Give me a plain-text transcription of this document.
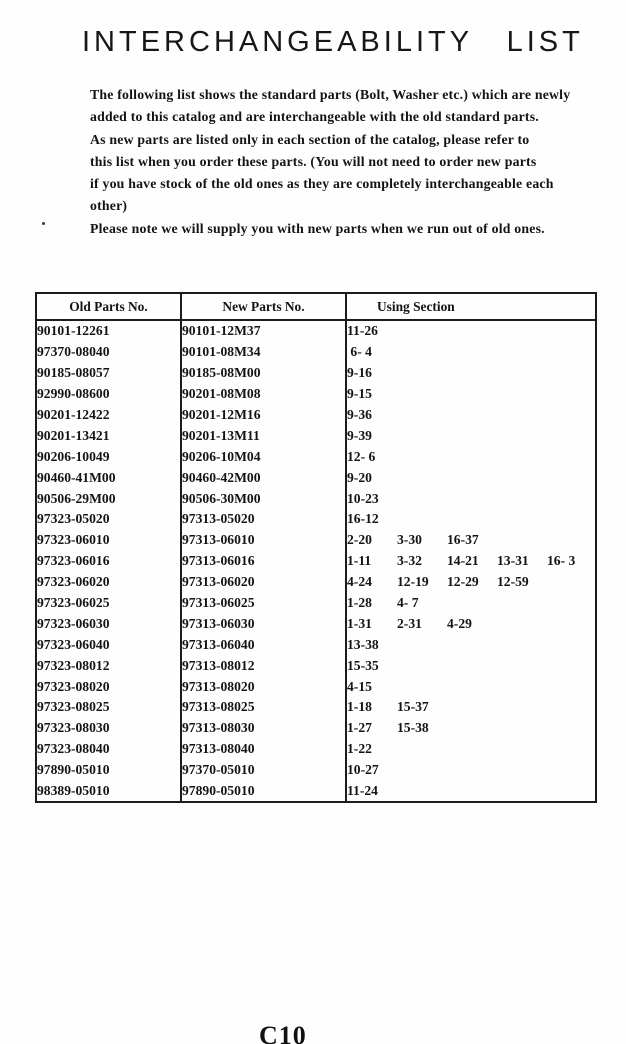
INTERCHANGEABILITY LIST
The following list shows the standard parts (Bolt, Washer etc.) which are newly
added to this catalog and are interchangeable with the old standard parts.
As new parts are listed only in each section of the catalog, please refer to
this list when you order these parts. (You will not need to order new parts
if you have stock of the old ones as they are completely interchangeable each
other)
Please note we will supply you with new parts when we run out of old ones.
Old Parts No.	New Parts No.	Using Section
90101-12261	90101-12M37	11-26
97370-08040	90101-08M34	6- 4
90185-08057	90185-08M00	9-16
92990-08600	90201-08M08	9-15
90201-12422	90201-12M16	9-36
90201-13421	90201-13M11	9-39
90206-10049	90206-10M04	12- 6
90460-41M00	90460-42M00	9-20
90506-29M00	90506-30M00	10-23
97323-05020	97313-05020	16-12
97323-06010	97313-06010	2-20 3-30 16-37
97323-06016	97313-06016	1-11 3-32 14-21 13-31 16- 3
97323-06020	97313-06020	4-24 12-19 12-29 12-59
97323-06025	97313-06025	1-28 4- 7
97323-06030	97313-06030	1-31 2-31 4-29
97323-06040	97313-06040	13-38
97323-08012	97313-08012	15-35
97323-08020	97313-08020	4-15
97323-08025	97313-08025	1-18 15-37
97323-08030	97313-08030	1-27 15-38
97323-08040	97313-08040	1-22
97890-05010	97370-05010	10-27
98389-05010	97890-05010	11-24
C10
